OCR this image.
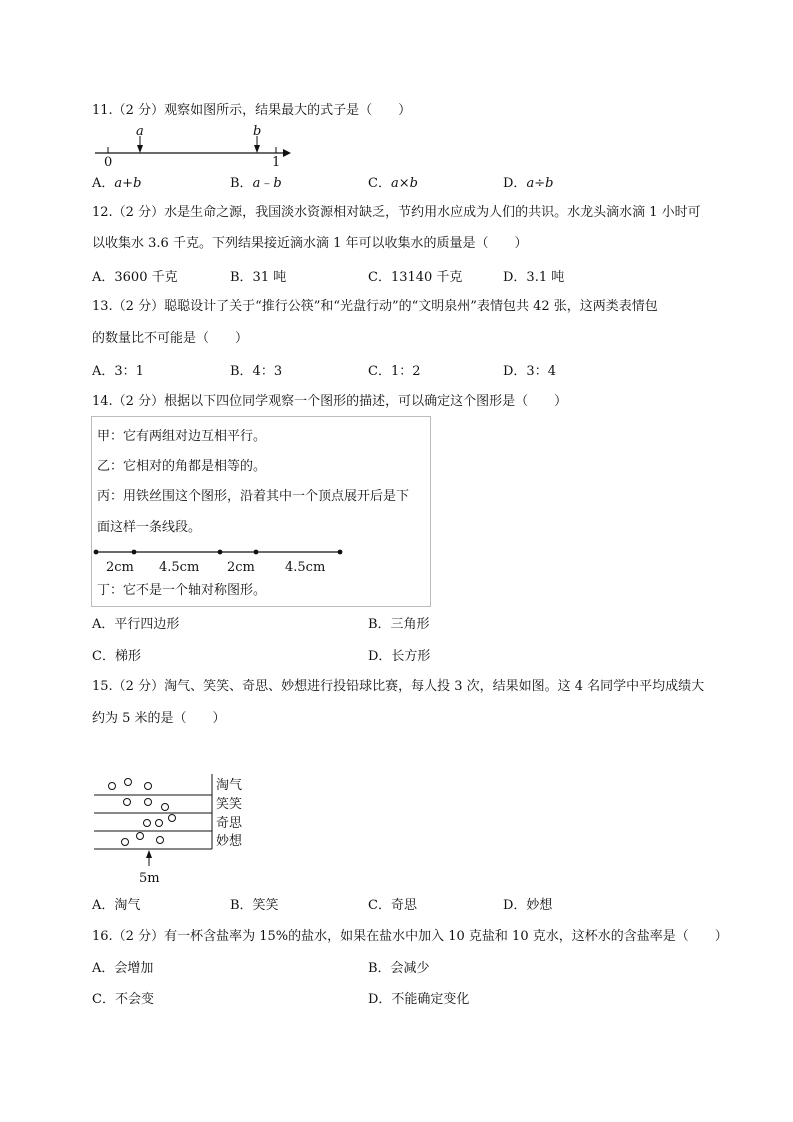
11.（2 分）观察如图所示，结果最大的式子是（　　）
a	b
0	1
A．a+b	B．a﹣b	C．a×b	D．a÷b
12.（2 分）水是生命之源，我国淡水资源相对缺乏，节约用水应成为人们的共识。水龙头滴水滴 1 小时可
以收集水 3.6 千克。下列结果接近滴水滴 1 年可以收集水的质量是（　　）
A．3600 千克	B．31 吨	C．13140 千克	D．3.1 吨
13.（2 分）聪聪设计了关于“推行公筷”和“光盘行动”的“文明泉州”表情包共 42 张，这两类表情包
的数量比不可能是（　　）
A．3：1	B．4：3	C．1：2	D．3：4
14.（2 分）根据以下四位同学观察一个图形的描述，可以确定这个图形是（　　）
甲：它有两组对边互相平行。
乙：它相对的角都是相等的。
丙：用铁丝围这个图形，沿着其中一个顶点展开后是下
面这样一条线段。
2cm 4.5cm 2cm 4.5cm
丁：它不是一个轴对称图形。
A．平行四边形	B．三角形
C．梯形	D．长方形
15.（2 分）淘气、笑笑、奇思、妙想进行投铅球比赛，每人投 3 次，结果如图。这 4 名同学中平均成绩大
约为 5 米的是（　　）
淘气
笑笑
奇思
妙想
5m
A．淘气	B．笑笑	C．奇思	D．妙想
16.（2 分）有一杯含盐率为 15%的盐水，如果在盐水中加入 10 克盐和 10 克水，这杯水的含盐率是（　　）
A．会增加	B．会减少
C．不会变	D．不能确定变化
